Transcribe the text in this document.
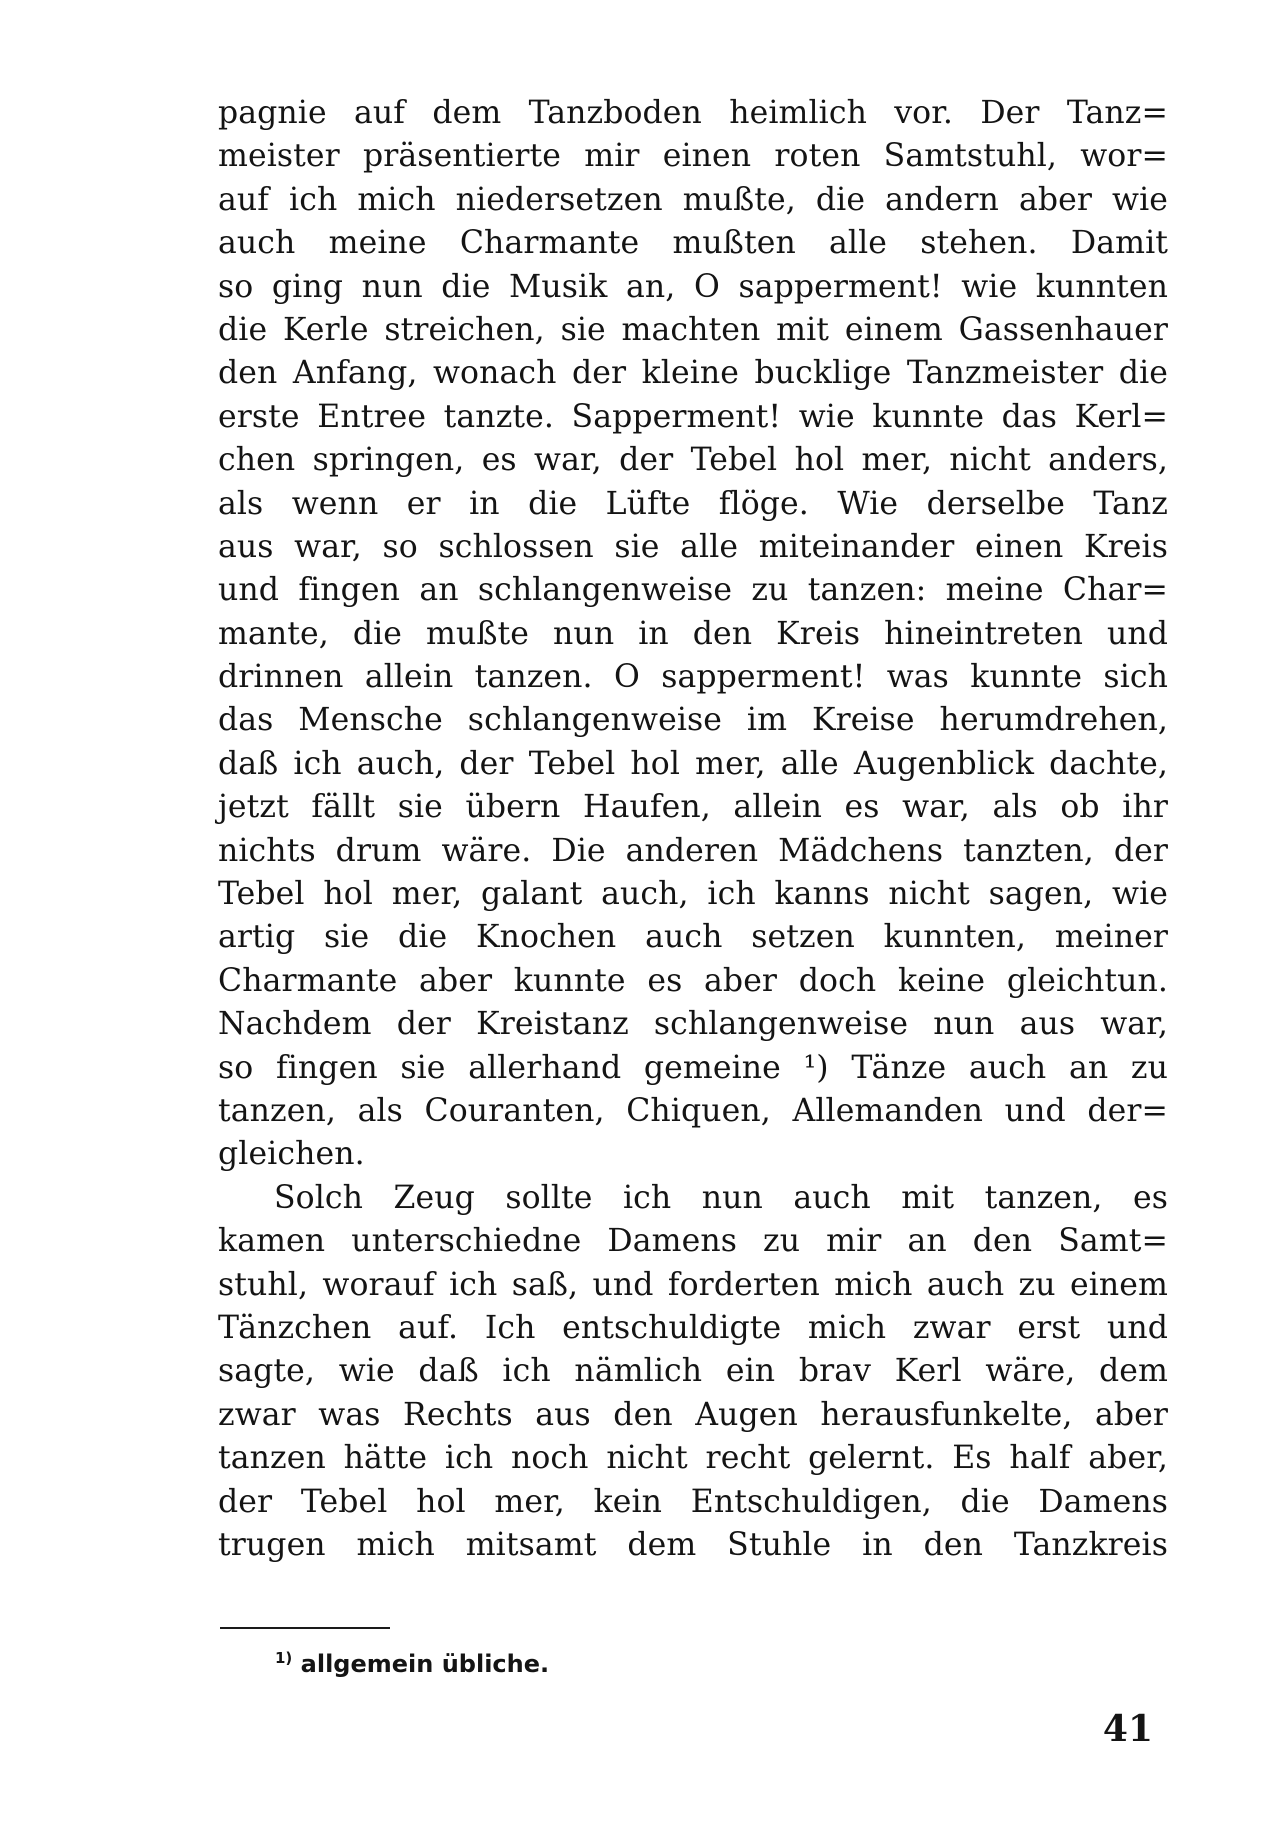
pagnie auf dem Tanzboden heimlich vor. Der Tanz=
meister präsentierte mir einen roten Samtstuhl, wor=
auf ich mich niedersetzen mußte, die andern aber wie
auch meine Charmante mußten alle stehen. Damit
so ging nun die Musik an, O sapperment! wie kunnten
die Kerle streichen, sie machten mit einem Gassenhauer
den Anfang, wonach der kleine bucklige Tanzmeister die
erste Entree tanzte. Sapperment! wie kunnte das Kerl=
chen springen, es war, der Tebel hol mer, nicht anders,
als wenn er in die Lüfte flöge. Wie derselbe Tanz
aus war, so schlossen sie alle miteinander einen Kreis
und fingen an schlangenweise zu tanzen: meine Char=
mante, die mußte nun in den Kreis hineintreten und
drinnen allein tanzen. O sapperment! was kunnte sich
das Mensche schlangenweise im Kreise herumdrehen,
daß ich auch, der Tebel hol mer, alle Augenblick dachte,
jetzt fällt sie übern Haufen, allein es war, als ob ihr
nichts drum wäre. Die anderen Mädchens tanzten, der
Tebel hol mer, galant auch, ich kanns nicht sagen, wie
artig sie die Knochen auch setzen kunnten, meiner
Charmante aber kunnte es aber doch keine gleichtun.
Nachdem der Kreistanz schlangenweise nun aus war,
so fingen sie allerhand gemeine ¹) Tänze auch an zu
tanzen, als Couranten, Chiquen, Allemanden und der=
gleichen.
Solch Zeug sollte ich nun auch mit tanzen, es
kamen unterschiedne Damens zu mir an den Samt=
stuhl, worauf ich saß, und forderten mich auch zu einem
Tänzchen auf. Ich entschuldigte mich zwar erst und
sagte, wie daß ich nämlich ein brav Kerl wäre, dem
zwar was Rechts aus den Augen herausfunkelte, aber
tanzen hätte ich noch nicht recht gelernt. Es half aber,
der Tebel hol mer, kein Entschuldigen, die Damens
trugen mich mitsamt dem Stuhle in den Tanzkreis
$^{1)}$ allgemein übliche.
41
